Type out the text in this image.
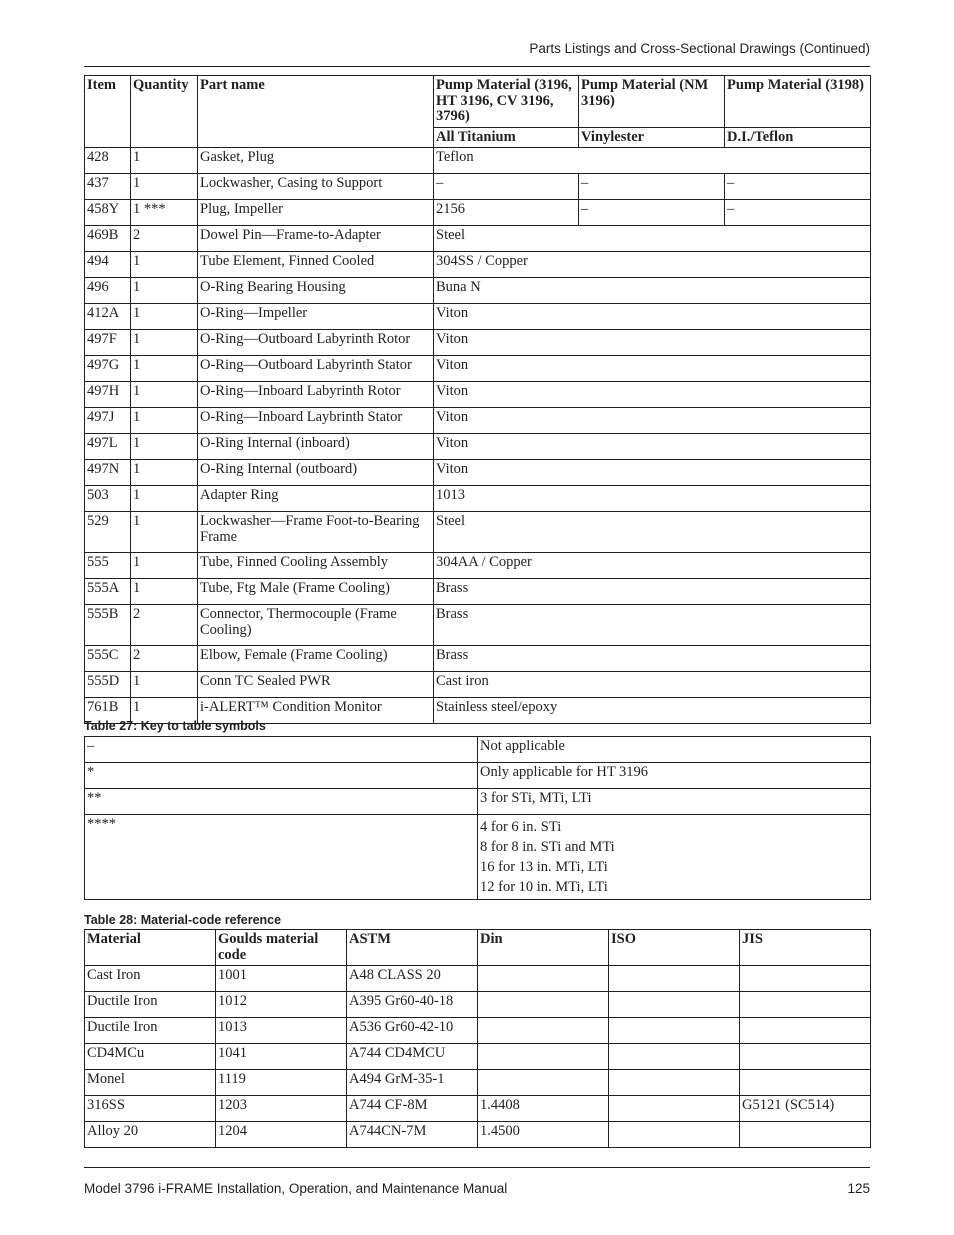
Parts Listings and Cross-Sectional Drawings (Continued)
Item	Quantity	Part name	Pump Material (3196, HT 3196, CV 3196, 3796)	Pump Material (NM 3196)	Pump Material (3198)
			All Titanium	Vinylester	D.I./Teflon
428	1	Gasket, Plug	Teflon		
437	1	Lockwasher, Casing to Support	–	–	–
458Y	1 ***	Plug, Impeller	2156	–	–
469B	2	Dowel Pin—Frame-to-Adapter	Steel		
494	1	Tube Element, Finned Cooled	304SS / Copper		
496	1	O-Ring Bearing Housing	Buna N		
412A	1	O-Ring—Impeller	Viton		
497F	1	O-Ring—Outboard Labyrinth Rotor	Viton		
497G	1	O-Ring—Outboard Labyrinth Stator	Viton		
497H	1	O-Ring—Inboard Labyrinth Rotor	Viton		
497J	1	O-Ring—Inboard Laybrinth Stator	Viton		
497L	1	O-Ring Internal (inboard)	Viton		
497N	1	O-Ring Internal (outboard)	Viton		
503	1	Adapter Ring	1013		
529	1	Lockwasher—Frame Foot-to-Bearing Frame	Steel		
555	1	Tube, Finned Cooling Assembly	304AA / Copper		
555A	1	Tube, Ftg Male (Frame Cooling)	Brass		
555B	2	Connector, Thermocouple (Frame Cooling)	Brass		
555C	2	Elbow, Female (Frame Cooling)	Brass		
555D	1	Conn TC Sealed PWR	Cast iron		
761B	1	i-ALERT™ Condition Monitor	Stainless steel/epoxy		
Table 27: Key to table symbols
–	Not applicable

*	Only applicable for HT 3196

**	3 for STi, MTi, LTi

****	4 for 6 in. STi
8 for 8 in. STi and MTi
16 for 13 in. MTi, LTi
12 for 10 in. MTi, LTi
Table 28: Material-code reference
Material	Goulds material code	ASTM	Din	ISO	JIS
Cast Iron	1001	A48 CLASS 20			
Ductile Iron	1012	A395 Gr60-40-18			
Ductile Iron	1013	A536 Gr60-42-10			
CD4MCu	1041	A744 CD4MCU			
Monel	1119	A494 GrM-35-1			
316SS	1203	A744 CF-8M	1.4408		G5121 (SC514)
Alloy 20	1204	A744CN-7M	1.4500		
Model 3796 i-FRAME Installation, Operation, and Maintenance Manual	125
